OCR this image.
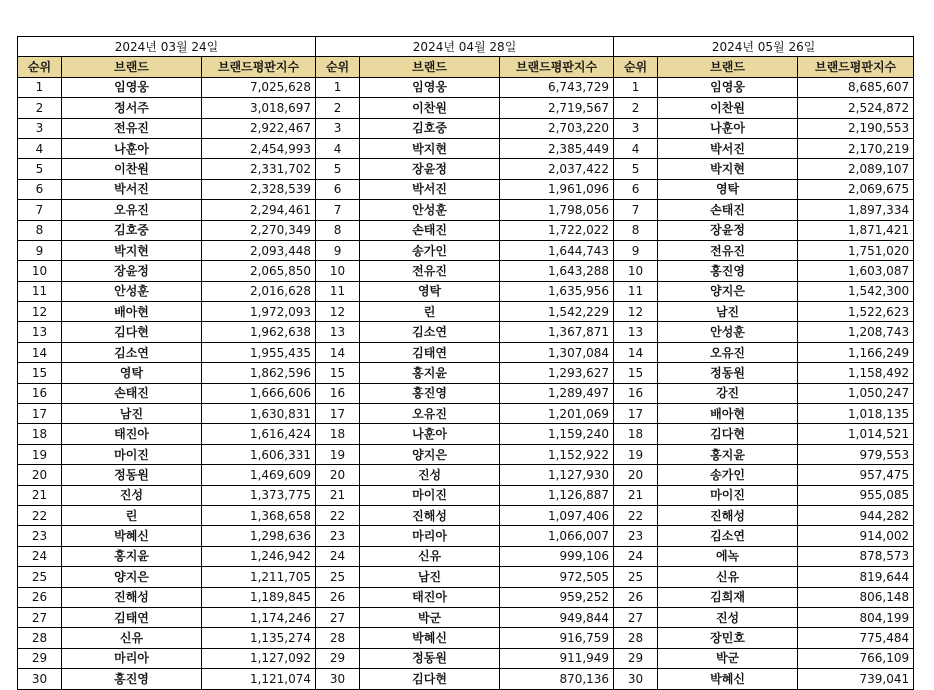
2024년 03월 24일			2024년 04월 28일			2024년 05월 26일		
순위	브랜드	브랜드평판지수	순위	브랜드	브랜드평판지수	순위	브랜드	브랜드평판지수
1	임영웅	7,025,628	1	임영웅	6,743,729	1	임영웅	8,685,607
2	정서주	3,018,697	2	이찬원	2,719,567	2	이찬원	2,524,872
3	전유진	2,922,467	3	김호중	2,703,220	3	나훈아	2,190,553
4	나훈아	2,454,993	4	박지현	2,385,449	4	박서진	2,170,219
5	이찬원	2,331,702	5	장윤정	2,037,422	5	박지현	2,089,107
6	박서진	2,328,539	6	박서진	1,961,096	6	영탁	2,069,675
7	오유진	2,294,461	7	안성훈	1,798,056	7	손태진	1,897,334
8	김호중	2,270,349	8	손태진	1,722,022	8	장윤정	1,871,421
9	박지현	2,093,448	9	송가인	1,644,743	9	전유진	1,751,020
10	장윤정	2,065,850	10	전유진	1,643,288	10	홍진영	1,603,087
11	안성훈	2,016,628	11	영탁	1,635,956	11	양지은	1,542,300
12	배아현	1,972,093	12	린	1,542,229	12	남진	1,522,623
13	김다현	1,962,638	13	김소연	1,367,871	13	안성훈	1,208,743
14	김소연	1,955,435	14	김태연	1,307,084	14	오유진	1,166,249
15	영탁	1,862,596	15	홍지윤	1,293,627	15	정동원	1,158,492
16	손태진	1,666,606	16	홍진영	1,289,497	16	강진	1,050,247
17	남진	1,630,831	17	오유진	1,201,069	17	배아현	1,018,135
18	태진아	1,616,424	18	나훈아	1,159,240	18	김다현	1,014,521
19	마이진	1,606,331	19	양지은	1,152,922	19	홍지윤	979,553
20	정동원	1,469,609	20	진성	1,127,930	20	송가인	957,475
21	진성	1,373,775	21	마이진	1,126,887	21	마이진	955,085
22	린	1,368,658	22	진해성	1,097,406	22	진해성	944,282
23	박혜신	1,298,636	23	마리아	1,066,007	23	김소연	914,002
24	홍지윤	1,246,942	24	신유	999,106	24	에녹	878,573
25	양지은	1,211,705	25	남진	972,505	25	신유	819,644
26	진해성	1,189,845	26	태진아	959,252	26	김희재	806,148
27	김태연	1,174,246	27	박군	949,844	27	진성	804,199
28	신유	1,135,274	28	박혜신	916,759	28	장민호	775,484
29	마리아	1,127,092	29	정동원	911,949	29	박군	766,109
30	홍진영	1,121,074	30	김다현	870,136	30	박혜신	739,041
